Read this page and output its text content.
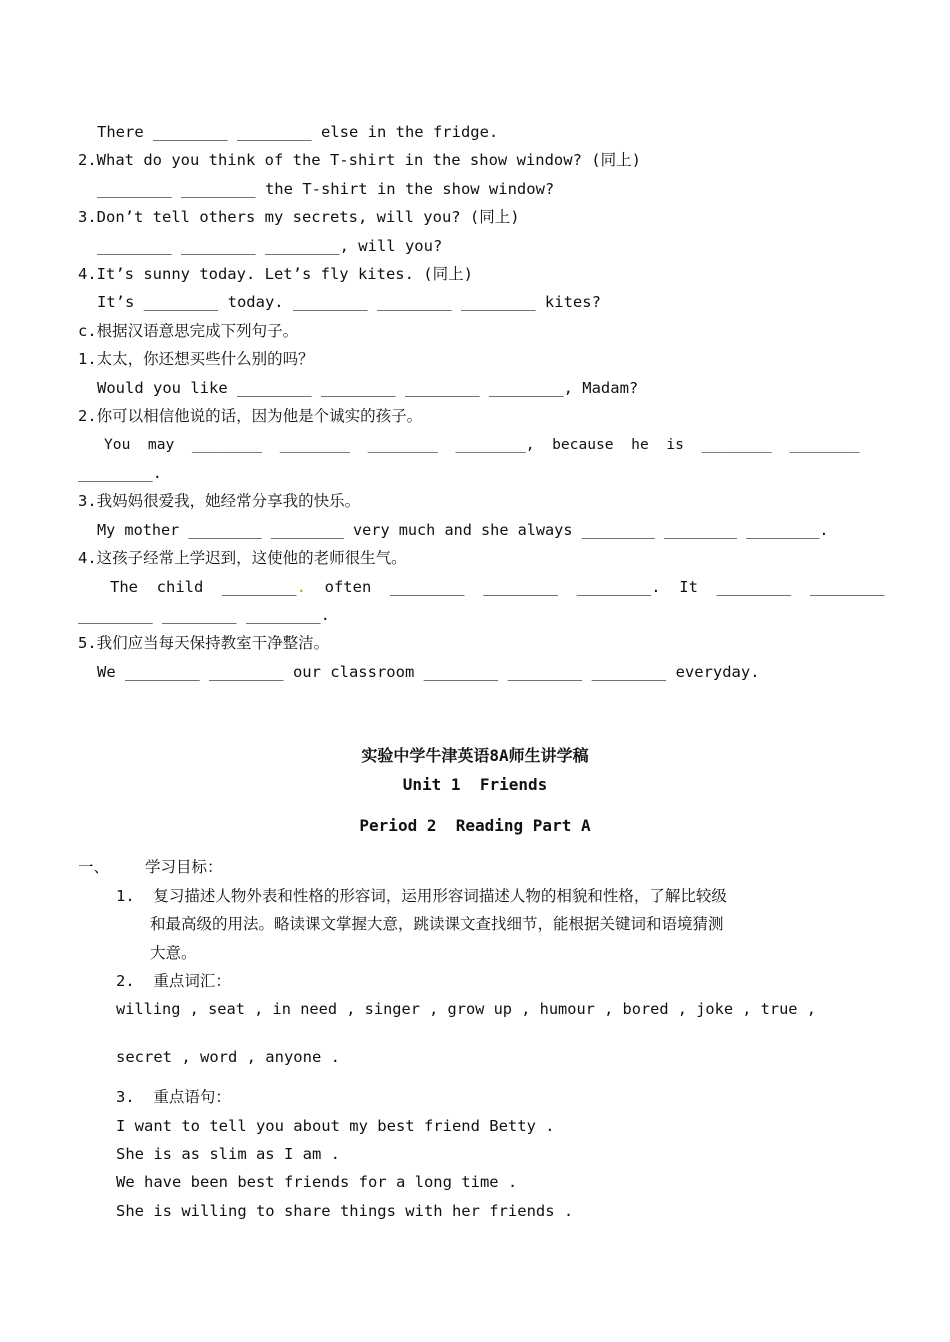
There ________ ________ else in the fridge.
2.What do you think of the T-shirt in the show window? (同上)
________ ________ the T-shirt in the show window?
3.Don’t tell others my secrets, will you? (同上)
________ ________ ________, will you?
4.It’s sunny today. Let’s fly kites. (同上)
It’s ________ today. ________ ________ ________ kites?
c.根据汉语意思完成下列句子。
1.太太，你还想买些什么别的吗？
Would you like ________ ________ ________ ________, Madam?
2.你可以相信他说的话，因为他是个诚实的孩子。
You  may  ________  ________  ________  ________,  because  he  is  ________  ________
________.
3.我妈妈很爱我，她经常分享我的快乐。
My mother ________ ________ very much and she always ________ ________ ________.
4.这孩子经常上学迟到，这使他的老师很生气。
The  child  ________.  often  ________  ________  ________.  It  ________  ________
________ ________ ________.
5.我们应当每天保持教室干净整洁。
We ________ ________ our classroom ________ ________ ________ everyday.
实验中学牛津英语8A师生讲学稿
Unit 1  Friends
Period 2  Reading Part A
一、 学习目标：
1.  复习描述人物外表和性格的形容词，运用形容词描述人物的相貌和性格，了解比较级
和最高级的用法。略读课文掌握大意，跳读课文查找细节，能根据关键词和语境猜测
大意。
2.  重点词汇：
willing , seat , in need , singer , grow up , humour , bored , joke , true ,
secret , word , anyone .
3.  重点语句：
I want to tell you about my best friend Betty .
She is as slim as I am .
We have been best friends for a long time .
She is willing to share things with her friends .
